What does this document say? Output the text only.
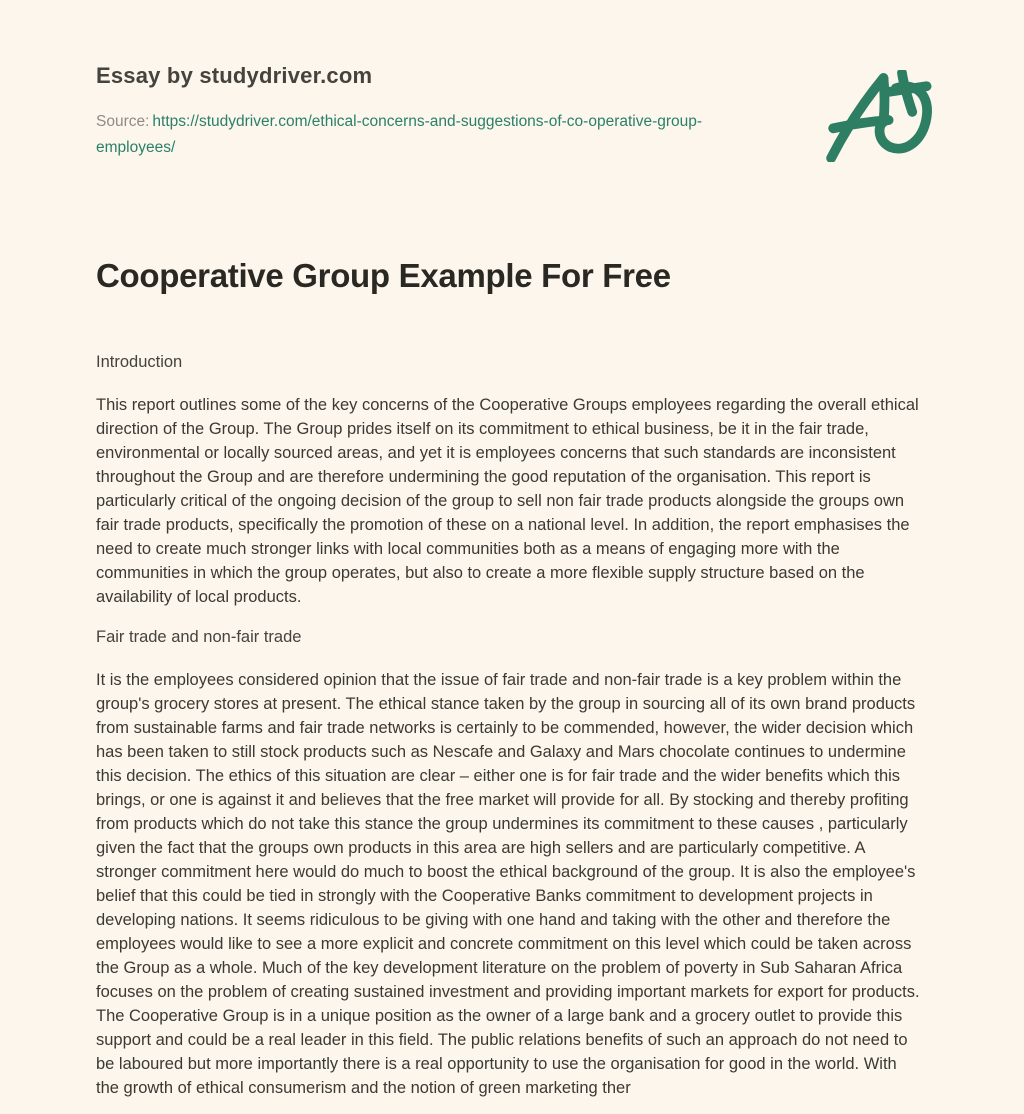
Essay by studydriver.com

Source: https://studydriver.com/ethical-concerns-and-suggestions-of-co-operative-group-employees/

Cooperative Group Example For Free
Introduction

This report outlines some of the key concerns of the Cooperative Groups employees regarding the overall ethical direction of the Group. The Group prides itself on its commitment to ethical business, be it in the fair trade, environmental or locally sourced areas, and yet it is employees concerns that such standards are inconsistent throughout the Group and are therefore undermining the good reputation of the organisation. This report is particularly critical of the ongoing decision of the group to sell non fair trade products alongside the groups own fair trade products, specifically the promotion of these on a national level. In addition, the report emphasises the need to create much stronger links with local communities both as a means of engaging more with the communities in which the group operates, but also to create a more flexible supply structure based on the availability of local products.

Fair trade and non-fair trade

It is the employees considered opinion that the issue of fair trade and non-fair trade is a key problem within the group's grocery stores at present. The ethical stance taken by the group in sourcing all of its own brand products from sustainable farms and fair trade networks is certainly to be commended, however, the wider decision which has been taken to still stock products such as Nescafe and Galaxy and Mars chocolate continues to undermine this decision. The ethics of this situation are clear – either one is for fair trade and the wider benefits which this brings, or one is against it and believes that the free market will provide for all. By stocking and thereby profiting from products which do not take this stance the group undermines its commitment to these causes , particularly given the fact that the groups own products in this area are high sellers and are particularly competitive. A stronger commitment here would do much to boost the ethical background of the group. It is also the employee's belief that this could be tied in strongly with the Cooperative Banks commitment to development projects in developing nations. It seems ridiculous to be giving with one hand and taking with the other and therefore the employees would like to see a more explicit and concrete commitment on this level which could be taken across the Group as a whole. Much of the key development literature on the problem of poverty in Sub Saharan Africa focuses on the problem of creating sustained investment and providing important markets for export for products. The Cooperative Group is in a unique position as the owner of a large bank and a grocery outlet to provide this support and could be a real leader in this field. The public relations benefits of such an approach do not need to be laboured but more importantly there is a real opportunity to use the organisation for good in the world. With the growth of ethical consumerism and the notion of green marketing ther
